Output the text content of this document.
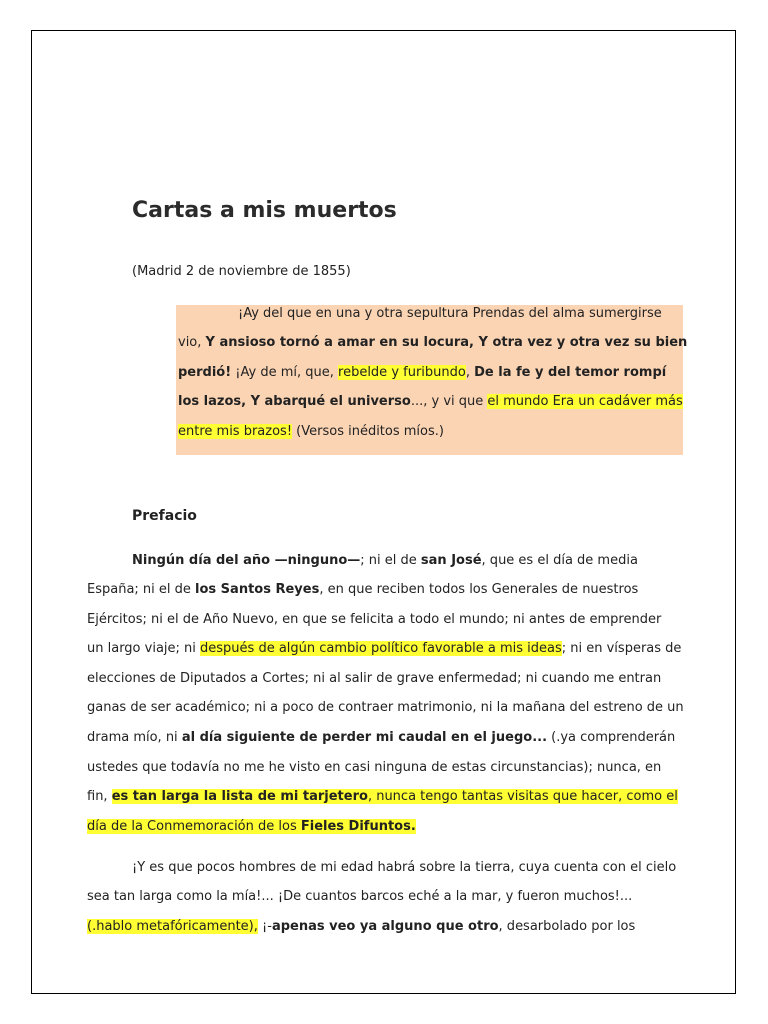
Cartas a mis muertos

(Madrid 2 de noviembre de 1855)

¡Ay del que en una y otra sepultura Prendas del alma sumergirse
vio, Y ansioso tornó a amar en su locura, Y otra vez y otra vez su bien
perdió! ¡Ay de mí, que, rebelde y furibundo, De la fe y del temor rompí
los lazos, Y abarqué el universo..., y vi que el mundo Era un cadáver más
entre mis brazos! (Versos inéditos míos.)
Prefacio
Ningún día del año —ninguno—; ni el de san José, que es el día de media
España; ni el de los Santos Reyes, en que reciben todos los Generales de nuestros
Ejércitos; ni el de Año Nuevo, en que se felicita a todo el mundo; ni antes de emprender
un largo viaje; ni después de algún cambio político favorable a mis ideas; ni en vísperas de
elecciones de Diputados a Cortes; ni al salir de grave enfermedad; ni cuando me entran
ganas de ser académico; ni a poco de contraer matrimonio, ni la mañana del estreno de un
drama mío, ni al día siguiente de perder mi caudal en el juego... (.ya comprenderán
ustedes que todavía no me he visto en casi ninguna de estas circunstancias); nunca, en
fin, es tan larga la lista de mi tarjetero, nunca tengo tantas visitas que hacer, como el
día de la Conmemoración de los Fieles Difuntos.
¡Y es que pocos hombres de mi edad habrá sobre la tierra, cuya cuenta con el cielo
sea tan larga como la mía!... ¡De cuantos barcos eché a la mar, y fueron muchos!...
(.hablo metafóricamente), ¡-apenas veo ya alguno que otro, desarbolado por los
